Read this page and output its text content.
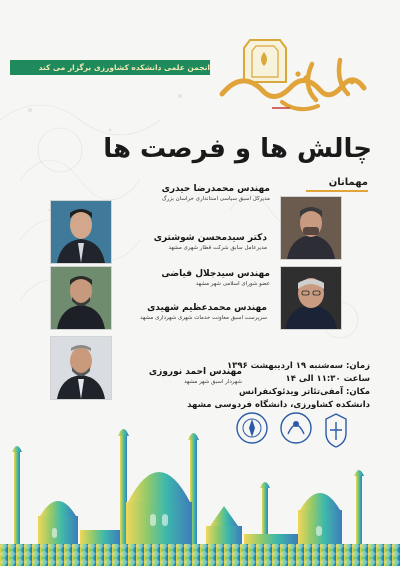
انجمن علمی دانشکده کشاورزی برگزار می کند
چالش ها و فرصت ها
مهمانان
مهندس محمدرضا حیدری
مدیرکل اسبق سیاسی استانداری خراسان بزرگ
دکتر سیدمحسن شوشتری
مدیرعامل سابق شرکت قطار شهری مشهد
مهندس سیدجلال فیاضی
عضو شورای اسلامی شهر مشهد
مهندس محمدعظیم شهیدی
سرپرست اسبق معاونت خدمات شهری شهرداری مشهد
مهندس احمد نوروزی
شهردار اسبق شهر مشهد
زمان: سه‌شنبه ۱۹ اردیبهشت ۱۳۹۶
ساعت ۱۱:۳۰ الی ۱۴
مکان: آمفی‌تئاتر ویدئوکنفرانس
دانشکده کشاورزی، دانشگاه فردوسی مشهد
